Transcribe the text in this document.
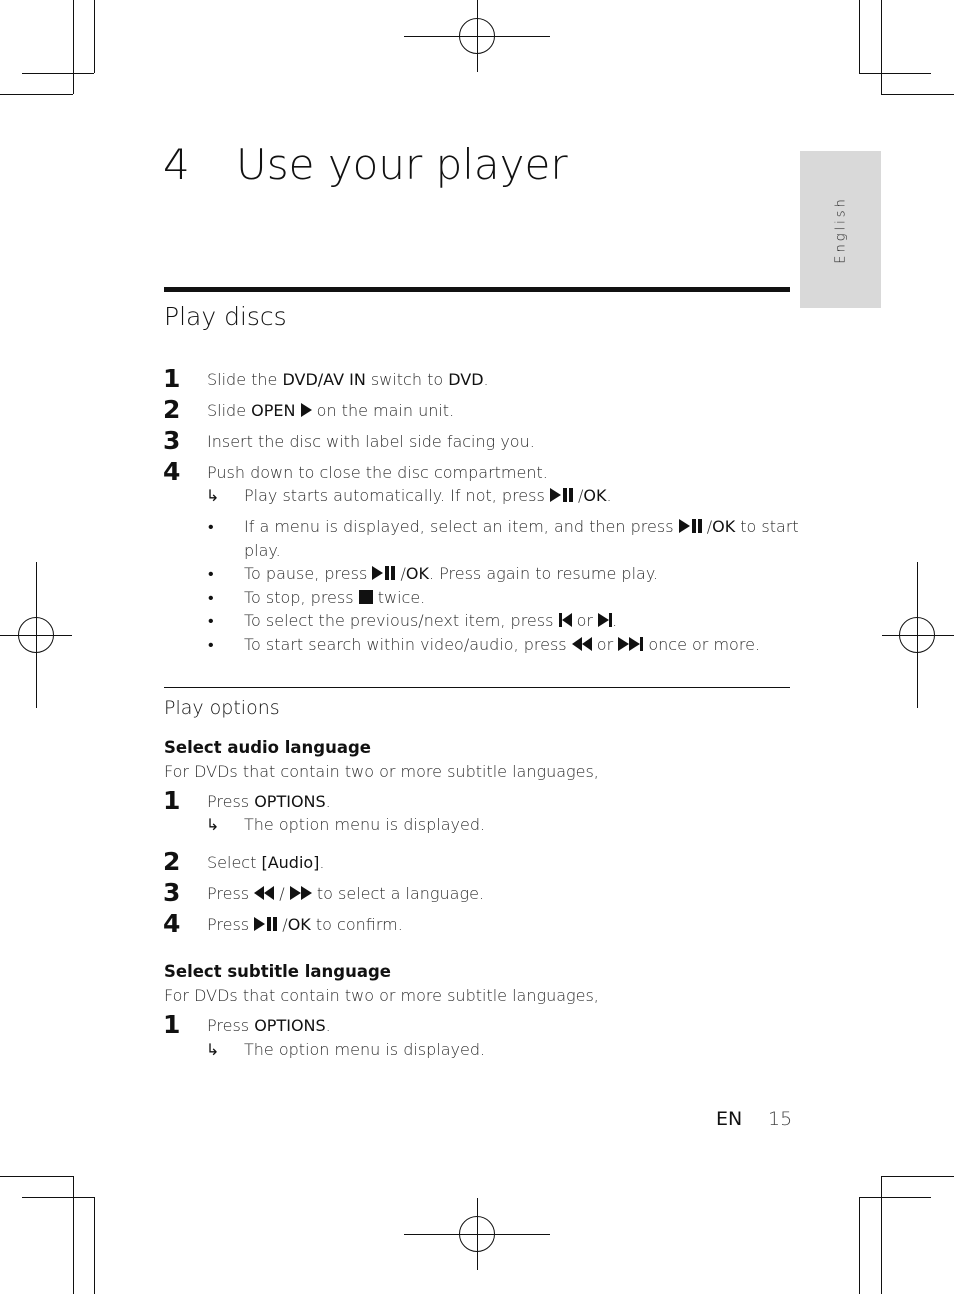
English
4 Use your player
Play discs
1 Slide the DVD/AV IN switch to DVD.
2 Slide OPEN  on the main unit.
3 Insert the disc with label side facing you.
4 Push down to close the disc compartment.
↳ Play starts automatically. If not, press  /OK.
• If a menu is displayed, select an item, and then press  /OK to start
play.
• To pause, press  /OK. Press again to resume play.
• To stop, press  twice.
• To select the previous/next item, press  or .
• To start search within video/audio, press  or  once or more.
Play options
Select audio language
For DVDs that contain two or more subtitle languages,
1 Press OPTIONS.
↳ The option menu is displayed.
2 Select [Audio].
3 Press  /  to select a language.
4 Press  /OK to confirm.
Select subtitle language
For DVDs that contain two or more subtitle languages,
1 Press OPTIONS.
↳ The option menu is displayed.
EN 15
